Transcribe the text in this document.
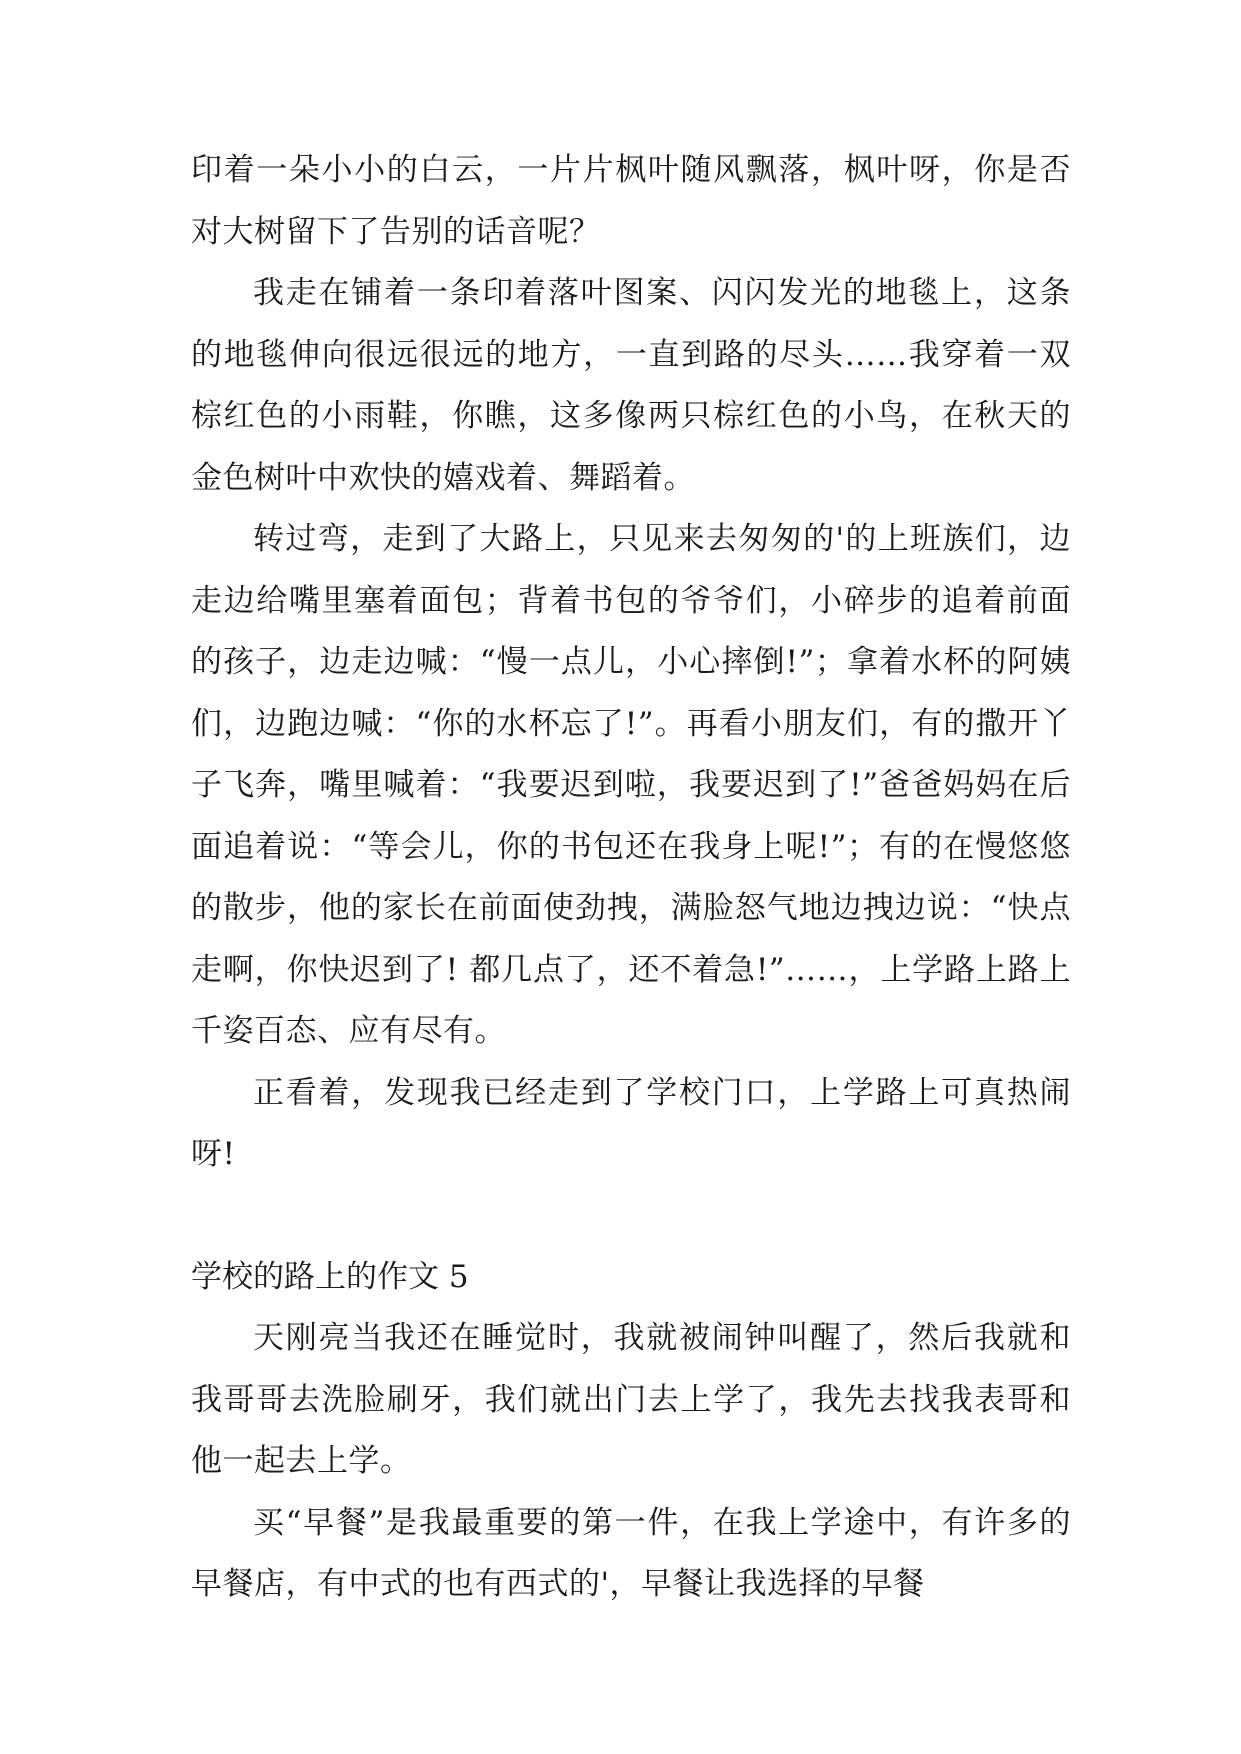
印着一朵小小的白云，一片片枫叶随风飘落，枫叶呀，你是否对大树留下了告别的话音呢？

我走在铺着一条印着落叶图案、闪闪发光的地毯上，这条的地毯伸向很远很远的地方，一直到路的尽头……我穿着一双棕红色的小雨鞋，你瞧，这多像两只棕红色的小鸟，在秋天的金色树叶中欢快的嬉戏着、舞蹈着。

转过弯，走到了大路上，只见来去匆匆的'的上班族们，边走边给嘴里塞着面包；背着书包的爷爷们，小碎步的追着前面的孩子，边走边喊：“慢一点儿，小心摔倒!”；拿着水杯的阿姨们，边跑边喊：“你的水杯忘了!”。再看小朋友们，有的撒开丫子飞奔，嘴里喊着：“我要迟到啦，我要迟到了!”爸爸妈妈在后面追着说：“等会儿，你的书包还在我身上呢!”；有的在慢悠悠的散步，他的家长在前面使劲拽，满脸怒气地边拽边说：“快点走啊，你快迟到了! 都几点了，还不着急!”……，上学路上路上千姿百态、应有尽有。

正看着，发现我已经走到了学校门口，上学路上可真热闹呀!

学校的路上的作文 5

天刚亮当我还在睡觉时，我就被闹钟叫醒了，然后我就和我哥哥去洗脸刷牙，我们就出门去上学了，我先去找我表哥和他一起去上学。

买“早餐”是我最重要的第一件，在我上学途中，有许多的早餐店，有中式的也有西式的'，早餐让我选择的早餐
